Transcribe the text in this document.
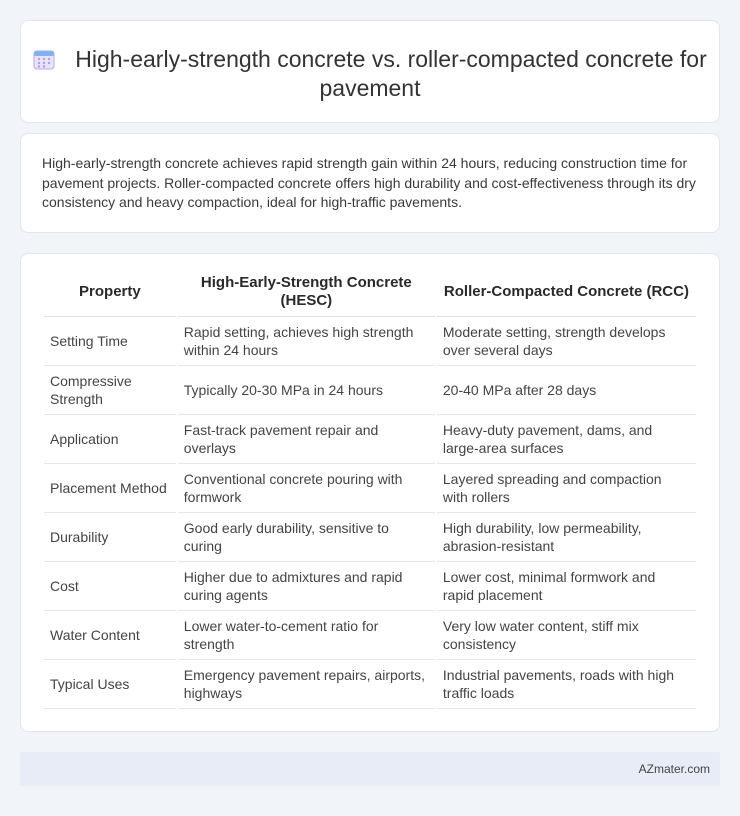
High-early-strength concrete vs. roller-compacted concrete for pavement

High-early-strength concrete achieves rapid strength gain within 24 hours, reducing construction time for pavement projects. Roller-compacted concrete offers high durability and cost-effectiveness through its dry consistency and heavy compaction, ideal for high-traffic pavements.

Property	High-Early-Strength Concrete (HESC)	Roller-Compacted Concrete (RCC)
Setting Time	Rapid setting, achieves high strength within 24 hours	Moderate setting, strength develops over several days
Compressive Strength	Typically 20-30 MPa in 24 hours	20-40 MPa after 28 days
Application	Fast-track pavement repair and overlays	Heavy-duty pavement, dams, and large-area surfaces
Placement Method	Conventional concrete pouring with formwork	Layered spreading and compaction with rollers
Durability	Good early durability, sensitive to curing	High durability, low permeability, abrasion-resistant
Cost	Higher due to admixtures and rapid curing agents	Lower cost, minimal formwork and rapid placement
Water Content	Lower water-to-cement ratio for strength	Very low water content, stiff mix consistency
Typical Uses	Emergency pavement repairs, airports, highways	Industrial pavements, roads with high traffic loads
AZmater.com
